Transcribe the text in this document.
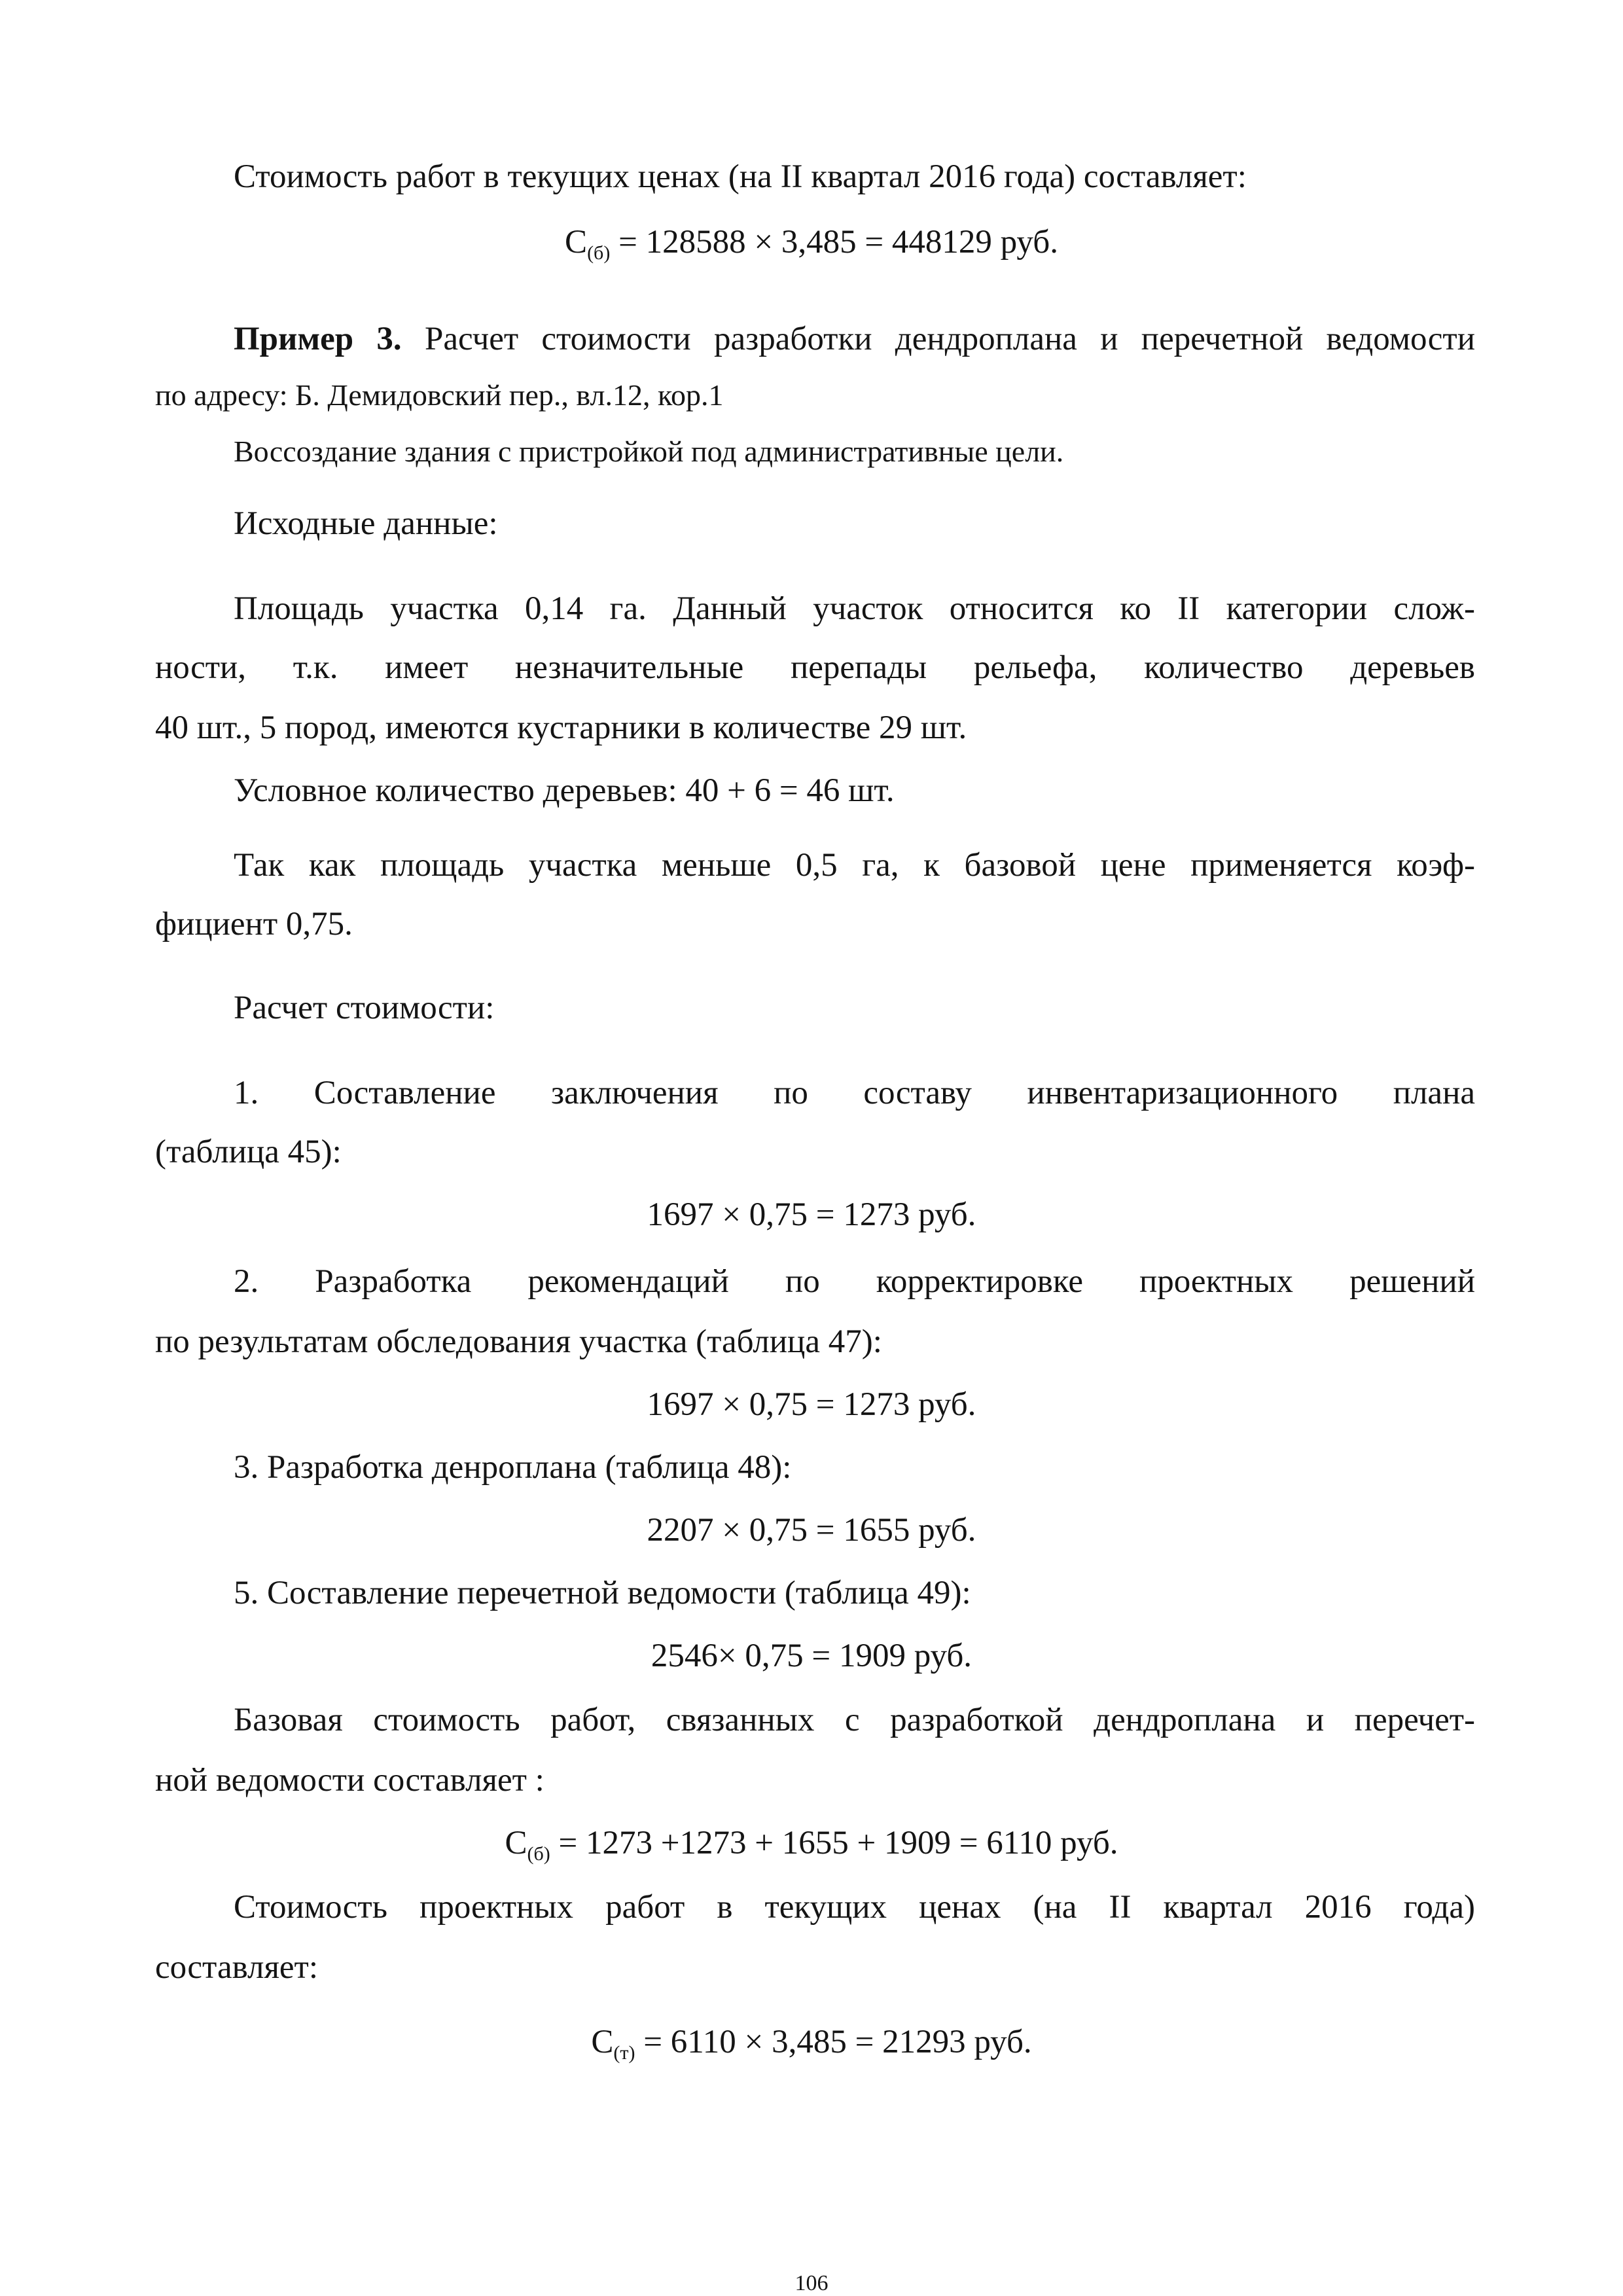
Стоимость работ в текущих ценах (на II квартал 2016 года) составляет:
$С_{(б)} = 128588 \times 3,485 = 448129$ руб.
Пример 3. Расчет стоимости разработки дендроплана и перечетной ведомости
по адресу: Б. Демидовский пер., вл.12, кор.1
Воссоздание здания с пристройкой под административные цели.
Исходные данные:
Площадь участка 0,14 га. Данный участок относится ко II категории слож-
ности, т.к. имеет незначительные перепады рельефа, количество деревьев
40 шт., 5 пород, имеются кустарники в количестве 29 шт.
Условное количество деревьев: 40 + 6 = 46 шт.
Так как площадь участка меньше 0,5 га, к базовой цене применяется коэф-
фициент 0,75.
Расчет стоимости:
1. Составление заключения по составу инвентаризационного плана
(таблица 45):
1697 × 0,75 = 1273 руб.
2. Разработка рекомендаций по корректировке проектных решений
по результатам обследования участка (таблица 47):
1697 × 0,75 = 1273 руб.
3. Разработка денроплана (таблица 48):
2207 × 0,75 = 1655 руб.
5. Составление перечетной ведомости (таблица 49):
2546× 0,75 = 1909 руб.
Базовая стоимость работ, связанных с разработкой дендроплана и перечет-
ной ведомости составляет :
$С_{(б)} = 1273 +1273 + 1655 + 1909 = 6110$ руб.
Стоимость проектных работ в текущих ценах (на II квартал 2016 года)
составляет:
$С_{(т)} = 6110 \times 3,485 = 21293$ руб.
106
